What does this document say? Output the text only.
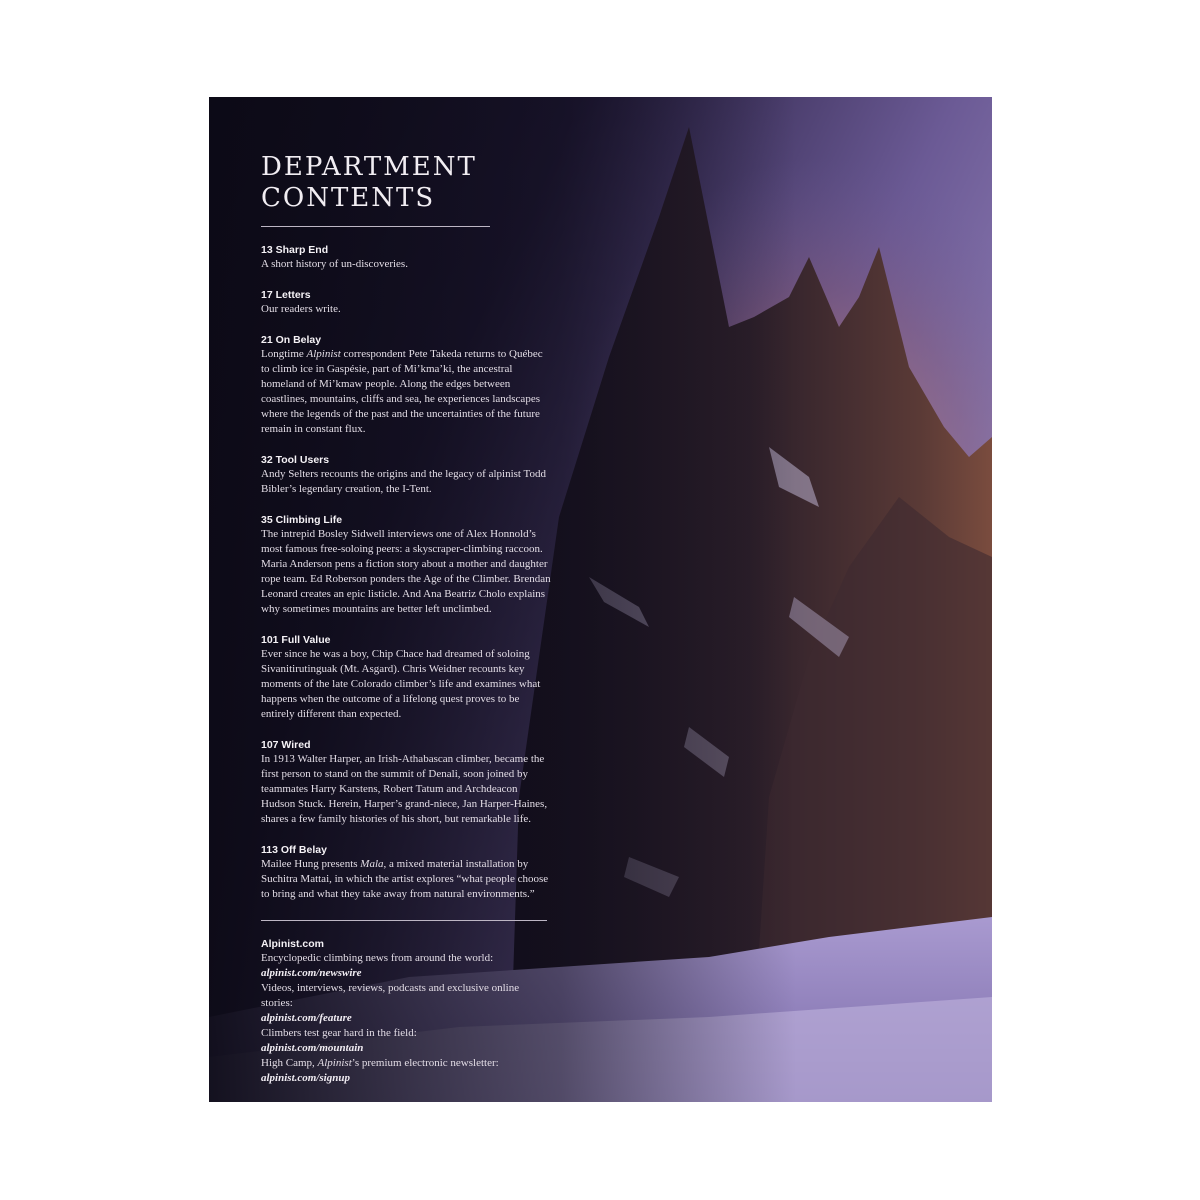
DEPARTMENT
CONTENTS
13 Sharp End
A short history of un-discoveries.
17 Letters
Our readers write.
21 On Belay
Longtime Alpinist correspondent Pete Takeda returns to Québec to climb ice in Gaspésie, part of Mi’kma’ki, the ancestral homeland of Mi’kmaw people. Along the edges between coastlines, mountains, cliffs and sea, he experiences landscapes where the legends of the past and the uncertainties of the future remain in constant flux.
32 Tool Users
Andy Selters recounts the origins and the legacy of alpinist Todd Bibler’s legendary creation, the I-Tent.
35 Climbing Life
The intrepid Bosley Sidwell interviews one of Alex Honnold’s most famous free-soloing peers: a skyscraper-climbing raccoon. Maria Anderson pens a fiction story about a mother and daughter rope team. Ed Roberson ponders the Age of the Climber. Brendan Leonard creates an epic listicle. And Ana Beatriz Cholo explains why sometimes mountains are better left unclimbed.
101 Full Value
Ever since he was a boy, Chip Chace had dreamed of soloing Sivanitirutinguak (Mt. Asgard). Chris Weidner recounts key moments of the late Colorado climber’s life and examines what happens when the outcome of a lifelong quest proves to be entirely different than expected.
107 Wired
In 1913 Walter Harper, an Irish-Athabascan climber, became the first person to stand on the summit of Denali, soon joined by teammates Harry Karstens, Robert Tatum and Archdeacon Hudson Stuck. Herein, Harper’s grand-niece, Jan Harper-Haines, shares a few family histories of his short, but remarkable life.
113 Off Belay
Mailee Hung presents Mala, a mixed material installation by Suchitra Mattai, in which the artist explores “what people choose to bring and what they take away from natural environments.”
Alpinist.com
Encyclopedic climbing news from around the world:
alpinist.com/newswire
Videos, interviews, reviews, podcasts and exclusive online stories:
alpinist.com/feature
Climbers test gear hard in the field:
alpinist.com/mountain
High Camp, Alpinist’s premium electronic newsletter:
alpinist.com/signup
